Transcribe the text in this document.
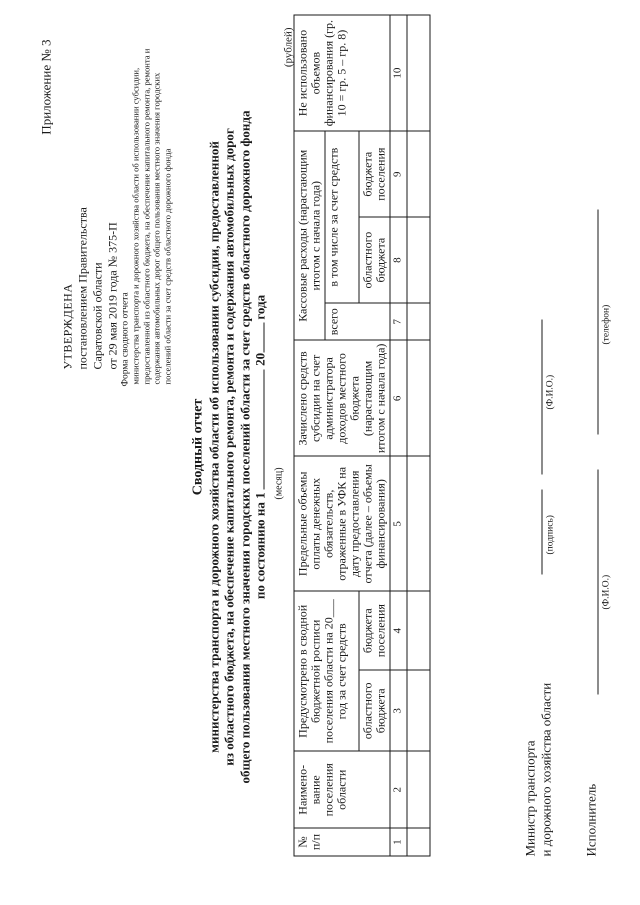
Приложение № 3
УТВЕРЖДЕНА постановлением Правительства Саратовской области от 29 мая 2019 года № 375-П Форма сводного отчета министерства транспорта и дорожного хозяйства области об использовании субсидии, предоставленной из областного бюджета, на обеспечение капитального ремонта, ремонта и содержания автомобильных дорог общего пользования местного значения городских поселений области за счет средств областного дорожного фонда
Сводный отчет министерства транспорта и дорожного хозяйства области об использовании субсидии, предоставленной из областного бюджета, на обеспечение капитального ремонта, ремонта и содержания автомобильных дорог общего пользования местного значения городских поселений области за счет средств областного дорожного фонда по состоянию на 1  20 года
(месяц)
(рублей)
№ п/п	Наимено-вание поселения области	Предусмотрено в сводной бюджетной росписи поселения области на 20___ год за счет средств		Предельные объемы оплаты денежных обязательств, отраженные в УФК на дату предоставления отчета (далее – объемы финансирования)	Зачислено средств субсидии на счет администратора доходов местного бюджета (нарастающим итогом с начала года)	Кассовые расходы (нарастающим итогом с начала года)			Не использовано объемов финансирования (гр. 10 = гр. 5 – гр. 8)
						всего	в том числе за счет средств		
		областного бюджета	бюджета поселения				областного бюджета	бюджета поселения	
1	2	3	4	5	6	7	8	9	10

Министр транспорта и дорожного хозяйства области
(подпись)
(Ф.И.О.)
Исполнитель
(Ф.И.О.)
(телефон)
